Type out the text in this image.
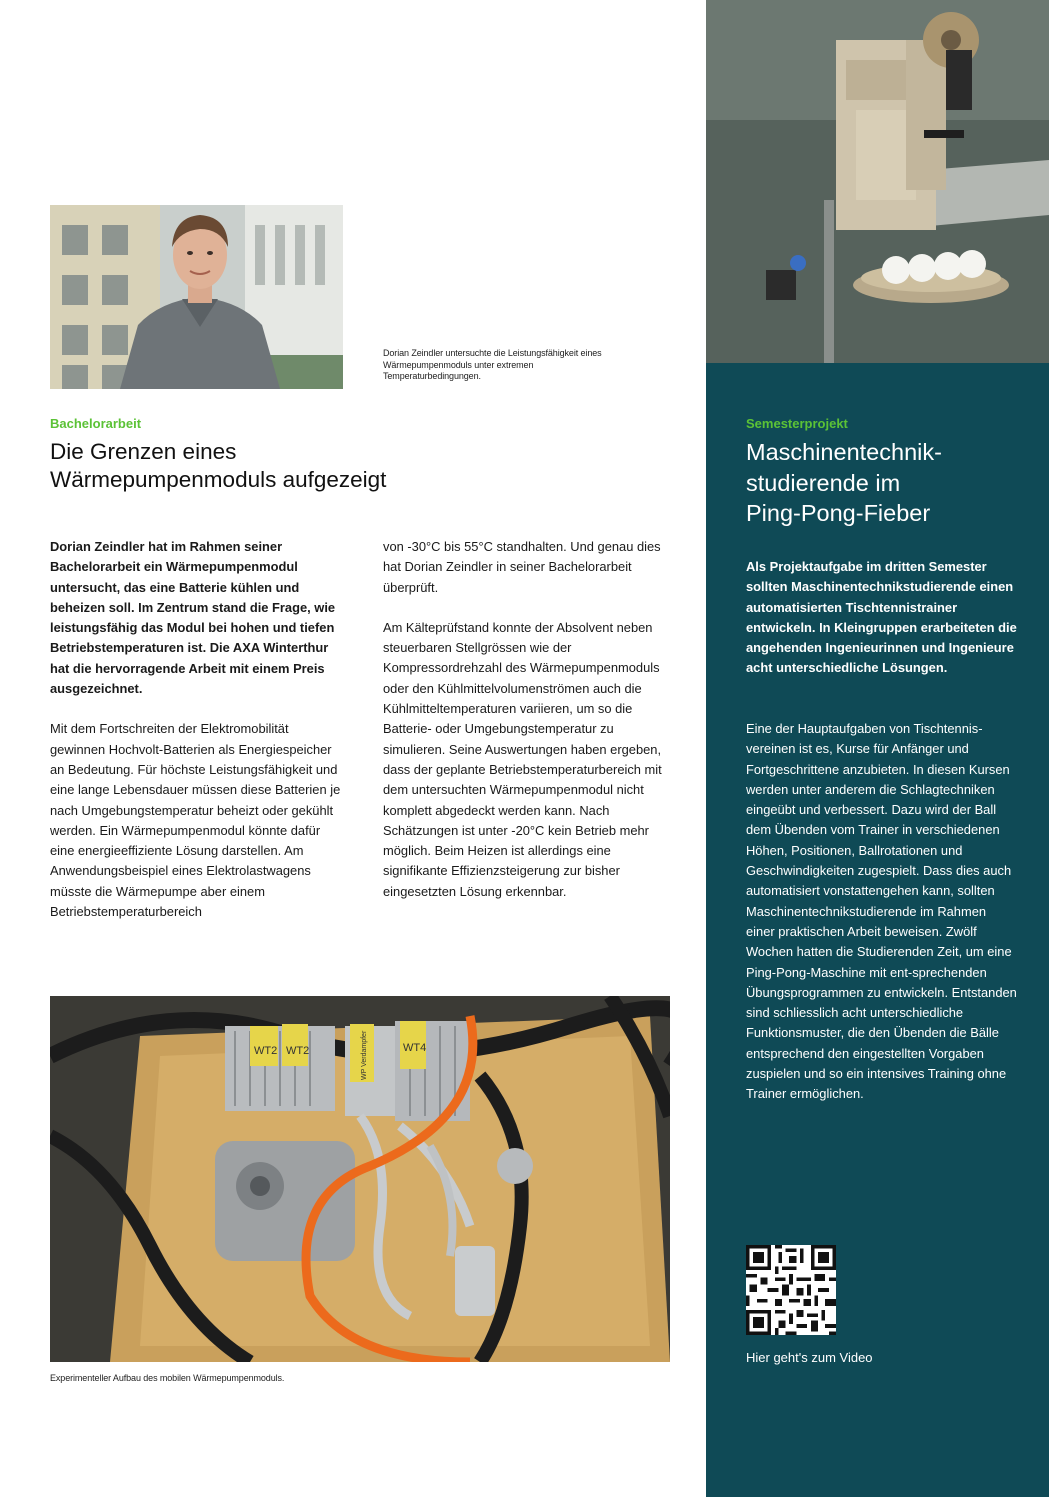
Dorian Zeindler untersuchte die Leistungsfähigkeit eines Wärmepumpenmoduls unter extremen Temperaturbedingungen.
Bachelorarbeit
Die Grenzen eines
Wärmepumpenmoduls aufgezeigt

Dorian Zeindler hat im Rahmen seiner Bachelorarbeit ein Wärmepumpenmodul untersucht, das eine Batterie kühlen und beheizen soll. Im Zentrum stand die Frage, wie leistungsfähig das Modul bei hohen und tiefen Betriebstemperaturen ist. Die AXA Winterthur hat die hervorragende Arbeit mit einem Preis ausgezeichnet.

Mit dem Fortschreiten der Elektromobilität gewinnen Hochvolt-Batterien als Energiespeicher an Bedeutung. Für höchste Leistungsfähigkeit und eine lange Lebensdauer müssen diese Batterien je nach Umgebungstemperatur beheizt oder gekühlt werden. Ein Wärmepumpenmodul könnte dafür eine energieeffiziente Lösung darstellen. Am Anwendungsbeispiel eines Elektrolastwagens müsste die Wärmepumpe aber einem Betriebstemperaturbereich

von -30°C bis 55°C standhalten. Und genau dies hat Dorian Zeindler in seiner Bachelorarbeit überprüft.

Am Kälteprüfstand konnte der Absolvent neben steuerbaren Stellgrössen wie der Kompressordrehzahl des Wärmepumpenmoduls oder den Kühlmittelvolumenströmen auch die Kühlmitteltemperaturen variieren, um so die Batterie- oder Umgebungstemperatur zu simulieren. Seine Auswertungen haben ergeben, dass der geplante Betriebstemperaturbereich mit dem untersuchten Wärmepumpenmodul nicht komplett abgedeckt werden kann. Nach Schätzungen ist unter -20°C kein Betrieb mehr möglich. Beim Heizen ist allerdings eine signifikante Effizienzsteigerung zur bisher eingesetzten Lösung erkennbar.

WT2 WT2	WP Verdampfer	WT4
Experimenteller Aufbau des mobilen Wärmepumpenmoduls.
Semesterprojekt
Maschinentechnik-
studierende im
Ping-Pong-Fieber
Als Projektaufgabe im dritten Semester sollten Maschinentechnikstudierende einen automatisierten Tischtennistrainer entwickeln. In Kleingruppen erarbeiteten die angehenden Ingenieurinnen und Ingenieure acht unterschiedliche Lösungen.
Eine der Hauptaufgaben von Tischtennisvereinen ist es, Kurse für Anfänger und Fortgeschrittene anzubieten. In diesen Kursen werden unter anderem die Schlagtechniken eingeübt und verbessert. Dazu wird der Ball dem Übenden vom Trainer in verschiedenen Höhen, Positionen, Ballrotationen und Geschwindigkeiten zugespielt. Dass dies auch automatisiert vonstattengehen kann, sollten Maschinentechnikstudierende im Rahmen einer praktischen Arbeit beweisen. Zwölf Wochen hatten die Studierenden Zeit, um eine Ping-Pong-Maschine mit ent-sprechenden Übungsprogrammen zu entwickeln. Entstanden sind schliesslich acht unterschiedliche Funktionsmuster, die den Übenden die Bälle entsprechend den eingestellten Vorgaben zuspielen und so ein intensives Training ohne Trainer ermöglichen.
Hier geht's zum Video
